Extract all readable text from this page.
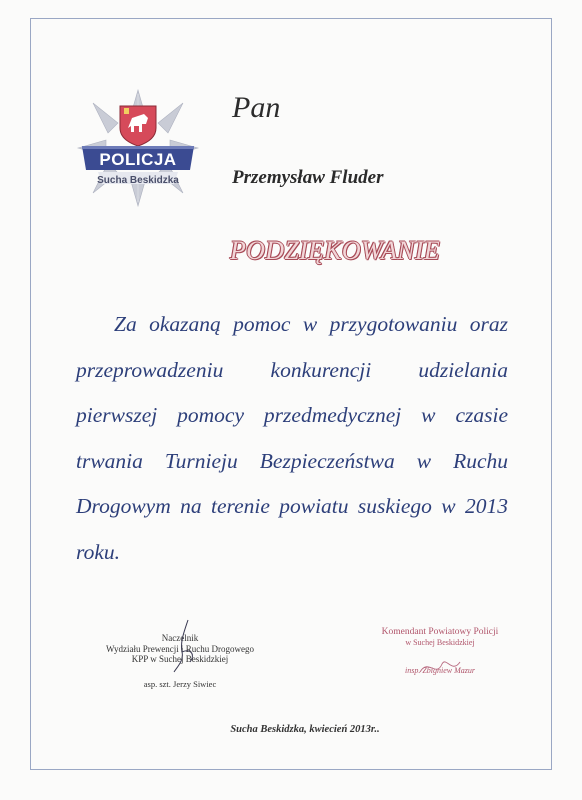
POLICJA
Sucha Beskidzka
Pan
Przemysław Fluder
PODZIĘKOWANIE
Za okazaną pomoc w przygotowaniu oraz przeprowadzeniu konkurencji udzielania pierwszej pomocy przedmedycznej w czasie trwania Turnieju Bezpieczeństwa w Ruchu Drogowym na terenie powiatu suskiego w 2013 roku.
Naczelnik
Wydziału Prewencji i Ruchu Drogowego
KPP w Suchej Beskidzkiej
asp. szt. Jerzy Siwiec
Komendant Powiatowy Policji
w Suchej Beskidzkiej
insp. Zbigniew Mazur
Sucha Beskidzka, kwiecień 2013r..
